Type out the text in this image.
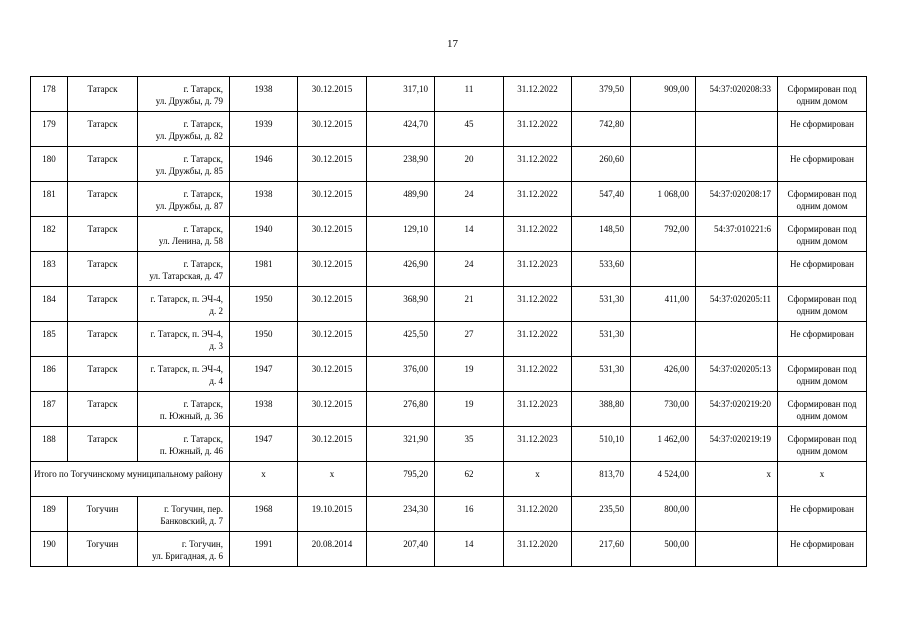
17
178	Татарск	г. Татарск,
ул. Дружбы, д. 79	1938	30.12.2015	317,10	11	31.12.2022	379,50	909,00	54:37:020208:33	Сформирован под
одним домом
179	Татарск	г. Татарск,
ул. Дружбы, д. 82	1939	30.12.2015	424,70	45	31.12.2022	742,80			Не сформирован
180	Татарск	г. Татарск,
ул. Дружбы, д. 85	1946	30.12.2015	238,90	20	31.12.2022	260,60			Не сформирован
181	Татарск	г. Татарск,
ул. Дружбы, д. 87	1938	30.12.2015	489,90	24	31.12.2022	547,40	1 068,00	54:37:020208:17	Сформирован под
одним домом
182	Татарск	г. Татарск,
ул. Ленина, д. 58	1940	30.12.2015	129,10	14	31.12.2022	148,50	792,00	54:37:010221:6	Сформирован под
одним домом
183	Татарск	г. Татарск,
ул. Татарская, д. 47	1981	30.12.2015	426,90	24	31.12.2023	533,60			Не сформирован
184	Татарск	г. Татарск, п. ЭЧ-4,
д. 2	1950	30.12.2015	368,90	21	31.12.2022	531,30	411,00	54:37:020205:11	Сформирован под
одним домом
185	Татарск	г. Татарск, п. ЭЧ-4,
д. 3	1950	30.12.2015	425,50	27	31.12.2022	531,30			Не сформирован
186	Татарск	г. Татарск, п. ЭЧ-4,
д. 4	1947	30.12.2015	376,00	19	31.12.2022	531,30	426,00	54:37:020205:13	Сформирован под
одним домом
187	Татарск	г. Татарск,
п. Южный, д. 36	1938	30.12.2015	276,80	19	31.12.2023	388,80	730,00	54:37:020219:20	Сформирован под
одним домом
188	Татарск	г. Татарск,
п. Южный, д. 46	1947	30.12.2015	321,90	35	31.12.2023	510,10	1 462,00	54:37:020219:19	Сформирован под
одним домом
Итого по Тогучинскому муниципальному району			х	х	795,20	62	х	813,70	4 524,00	х	х
189	Тогучин	г. Тогучин, пер.
Банковский, д. 7	1968	19.10.2015	234,30	16	31.12.2020	235,50	800,00		Не сформирован
190	Тогучин	г. Тогучин,
ул. Бригадная, д. 6	1991	20.08.2014	207,40	14	31.12.2020	217,60	500,00		Не сформирован
